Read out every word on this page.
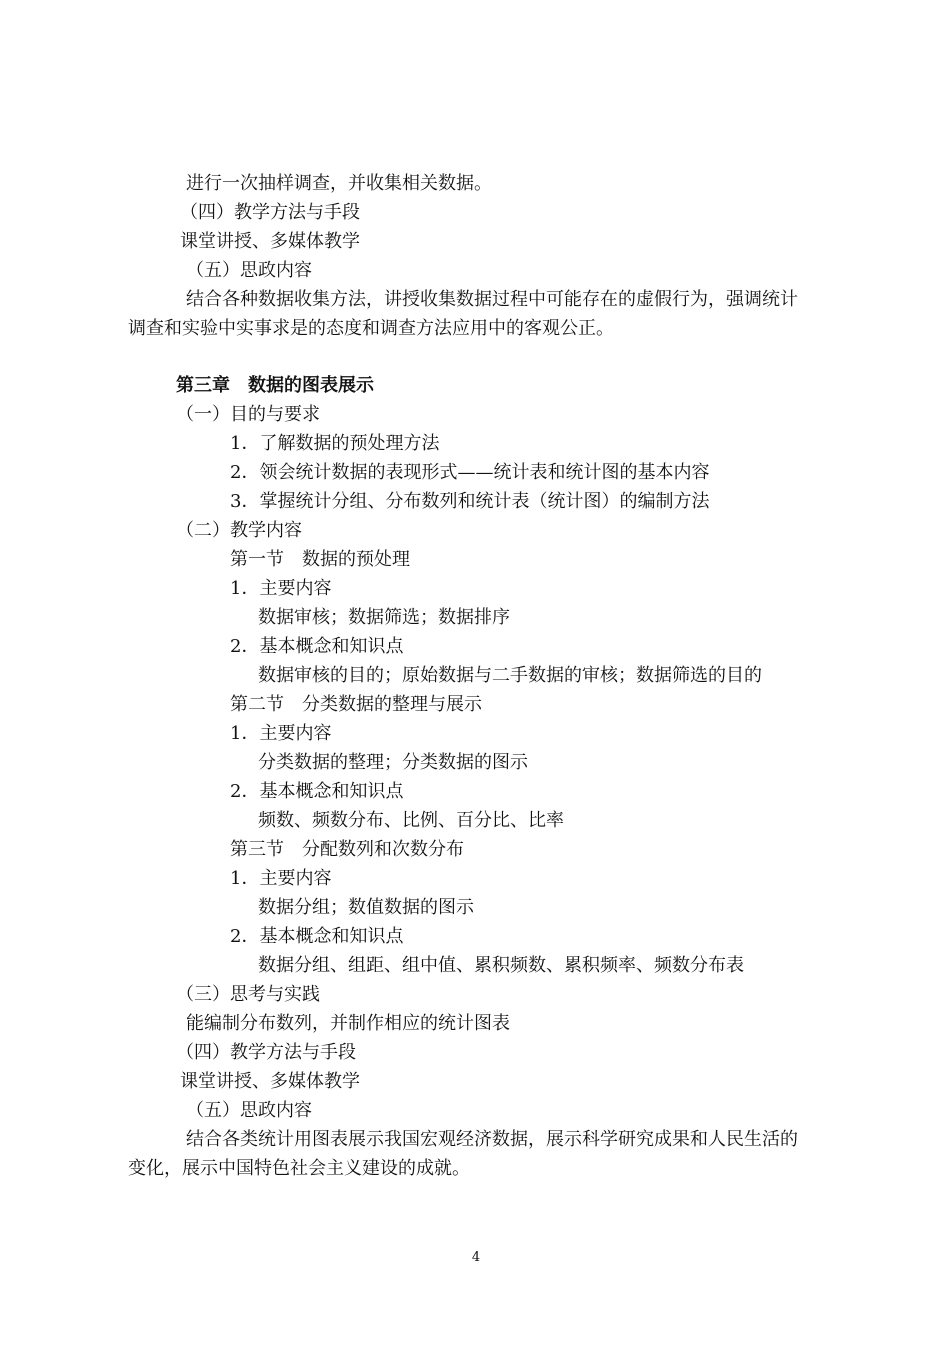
进行一次抽样调查，并收集相关数据。
（四）教学方法与手段
课堂讲授、多媒体教学
（五）思政内容
结合各种数据收集方法，讲授收集数据过程中可能存在的虚假行为，强调统计
调查和实验中实事求是的态度和调查方法应用中的客观公正。
第三章　数据的图表展示
（一）目的与要求
1．了解数据的预处理方法
2．领会统计数据的表现形式——统计表和统计图的基本内容
3．掌握统计分组、分布数列和统计表（统计图）的编制方法
（二）教学内容
第一节　数据的预处理
1．主要内容
数据审核；数据筛选；数据排序
2．基本概念和知识点
数据审核的目的；原始数据与二手数据的审核；数据筛选的目的
第二节　分类数据的整理与展示
1．主要内容
分类数据的整理；分类数据的图示
2．基本概念和知识点
频数、频数分布、比例、百分比、比率
第三节　分配数列和次数分布
1．主要内容
数据分组；数值数据的图示
2．基本概念和知识点
数据分组、组距、组中值、累积频数、累积频率、频数分布表
（三）思考与实践
能编制分布数列，并制作相应的统计图表
（四）教学方法与手段
课堂讲授、多媒体教学
（五）思政内容
结合各类统计用图表展示我国宏观经济数据，展示科学研究成果和人民生活的
变化，展示中国特色社会主义建设的成就。
4
